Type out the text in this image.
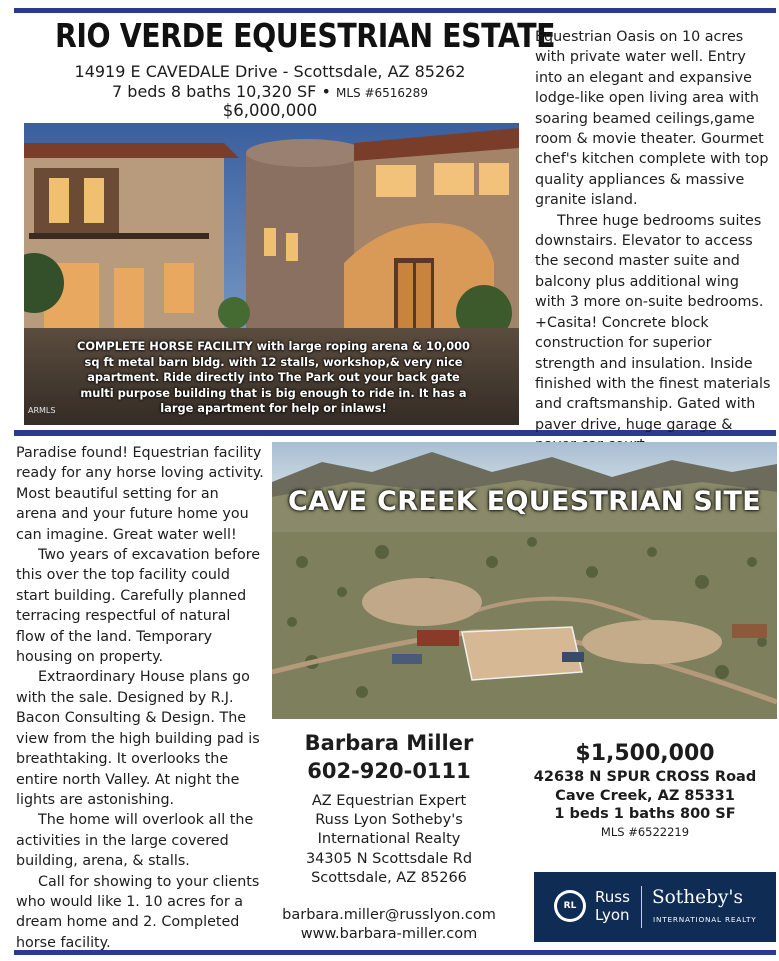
RIO VERDE EQUESTRIAN ESTATE
14919 E CAVEDALE Drive - Scottsdale, AZ 85262
7 beds 8 baths 10,320 SF • MLS #6516289
$6,000,000
COMPLETE HORSE FACILITY with large roping arena & 10,000 sq ft metal barn bldg. with 12 stalls, workshop,& very nice apartment. Ride directly into The Park out your back gate multi purpose building that is big enough to ride in. It has a large apartment for help or inlaws!
ARMLS
Equestrian Oasis on 10 acres with private water well. Entry into an elegant and expansive lodge-like open living area with soaring beamed ceilings,game room & movie theater. Gourmet chef's kitchen complete with top quality appliances & massive granite island.
Three huge bedrooms suites downstairs. Elevator to access the second master suite and balcony plus additional wing with 3 more on-suite bedrooms. +Casita! Concrete block construction for superior strength and insulation. Inside finished with the finest materials and craftsmanship. Gated with paver drive, huge garage &
Paradise found! Equestrian facility ready for any horse loving activity. Most beautiful setting for an arena and your future home you can imagine. Great water well!
Two years of excavation before this over the top facility could start building. Carefully planned terracing respectful of natural flow of the land. Temporary housing on property.
Extraordinary House plans go with the sale. Designed by R.J. Bacon Consulting & Design. The view from the high building pad is breathtaking. It overlooks the entire north Valley. At night the lights are astonishing.
The home will overlook all the activities in the large covered building, arena, & stalls.
Call for showing to your clients who would like 1. 10 acres for a dream home and 2. Completed horse facility.
CAVE CREEK EQUESTRIAN SITE
Barbara Miller
602-920-0111
AZ Equestrian Expert
Russ Lyon Sotheby's
International Realty
34305 N Scottsdale Rd
Scottsdale, AZ 85266
barbara.miller@russlyon.com
www.barbara-miller.com
$1,500,000
42638 N SPUR CROSS Road
Cave Creek, AZ 85331
1 beds 1 baths 800 SF
MLS #6522219
RL	Russ
Lyon
Sotheby's
INTERNATIONAL REALTY
